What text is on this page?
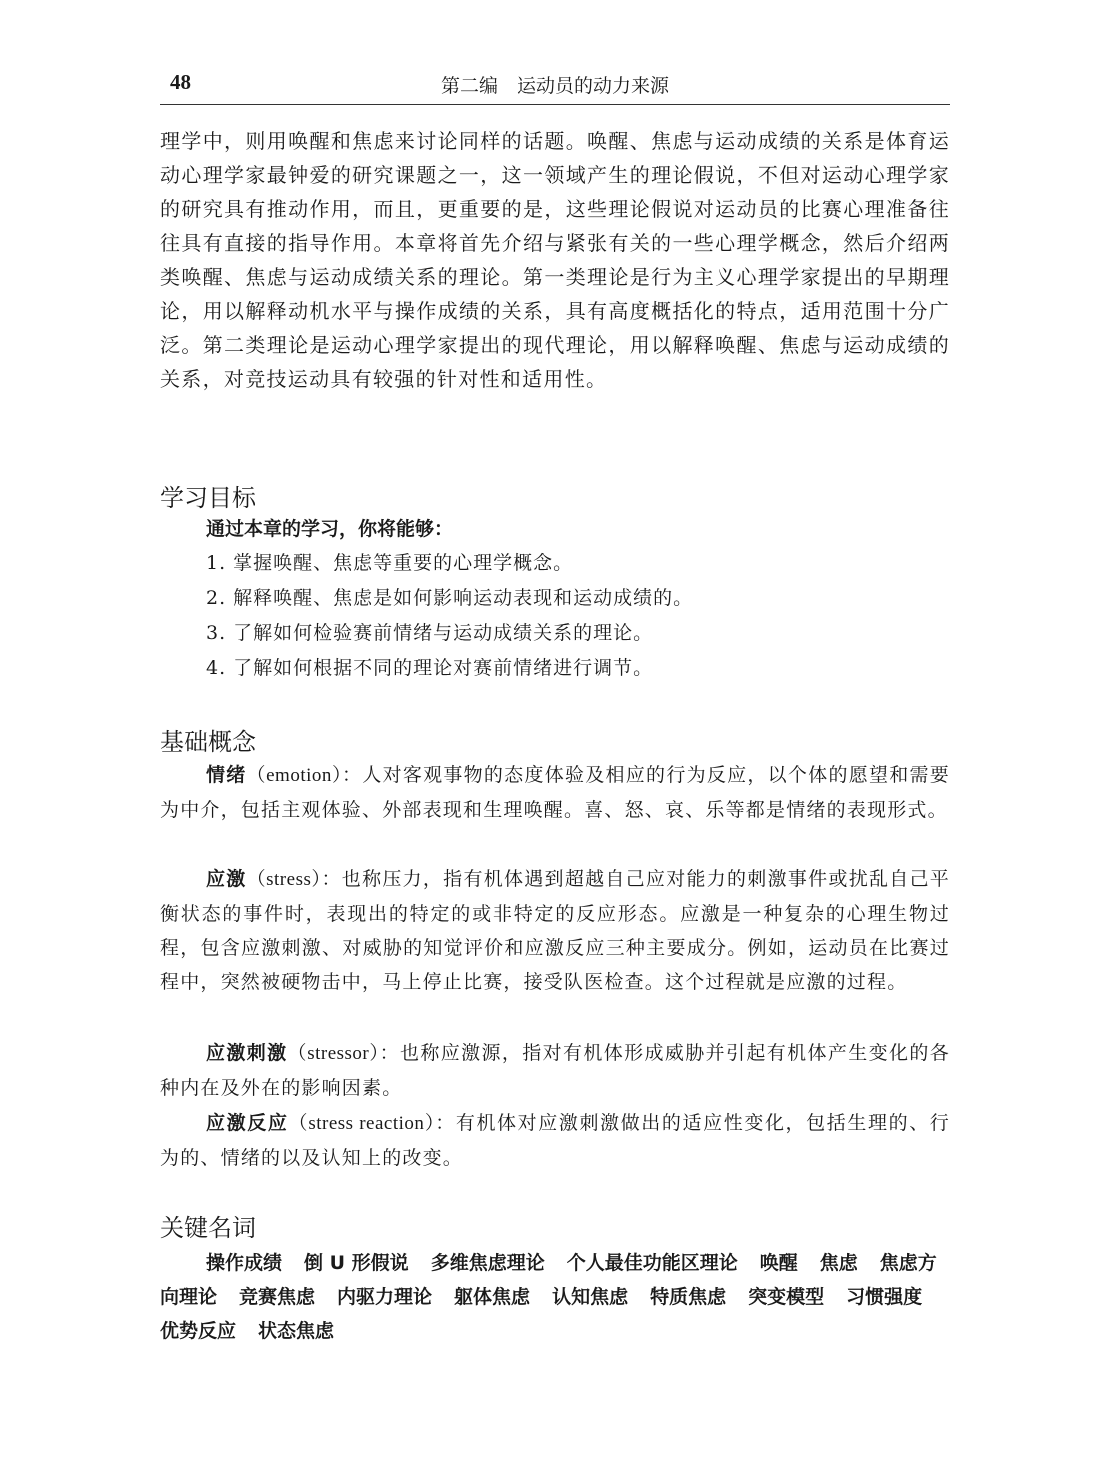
48	第二编　运动员的动力来源

理学中，则用唤醒和焦虑来讨论同样的话题。唤醒、焦虑与运动成绩的关系是体育运动心理学家最钟爱的研究课题之一，这一领域产生的理论假说，不但对运动心理学家的研究具有推动作用，而且，更重要的是，这些理论假说对运动员的比赛心理准备往往具有直接的指导作用。本章将首先介绍与紧张有关的一些心理学概念，然后介绍两类唤醒、焦虑与运动成绩关系的理论。第一类理论是行为主义心理学家提出的早期理论，用以解释动机水平与操作成绩的关系，具有高度概括化的特点，适用范围十分广泛。第二类理论是运动心理学家提出的现代理论，用以解释唤醒、焦虑与运动成绩的关系，对竞技运动具有较强的针对性和适用性。

学习目标
通过本章的学习，你将能够：
1. 掌握唤醒、焦虑等重要的心理学概念。
2. 解释唤醒、焦虑是如何影响运动表现和运动成绩的。
3. 了解如何检验赛前情绪与运动成绩关系的理论。
4. 了解如何根据不同的理论对赛前情绪进行调节。
基础概念

情绪（emotion）：人对客观事物的态度体验及相应的行为反应，以个体的愿望和需要为中介，包括主观体验、外部表现和生理唤醒。喜、怒、哀、乐等都是情绪的表现形式。

应激（stress）：也称压力，指有机体遇到超越自己应对能力的刺激事件或扰乱自己平衡状态的事件时，表现出的特定的或非特定的反应形态。应激是一种复杂的心理生物过程，包含应激刺激、对威胁的知觉评价和应激反应三种主要成分。例如，运动员在比赛过程中，突然被硬物击中，马上停止比赛，接受队医检查。这个过程就是应激的过程。

应激刺激（stressor）：也称应激源，指对有机体形成威胁并引起有机体产生变化的各种内在及外在的影响因素。

应激反应（stress reaction）：有机体对应激刺激做出的适应性变化，包括生理的、行为的、情绪的以及认知上的改变。

关键名词

操作成绩 倒 U 形假说 多维焦虑理论 个人最佳功能区理论 唤醒 焦虑 焦虑方向理论 竞赛焦虑 内驱力理论 躯体焦虑 认知焦虑 特质焦虑 突变模型 习惯强度优势反应 状态焦虑
